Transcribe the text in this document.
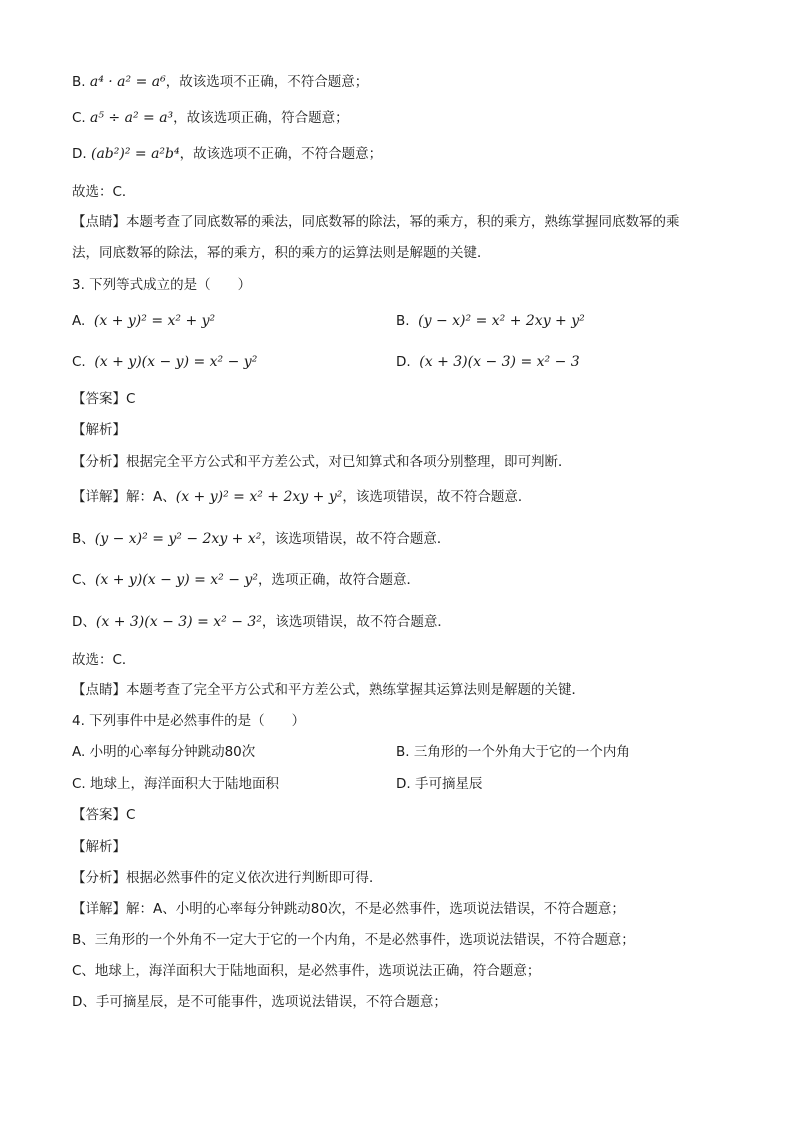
B. a⁴ · a² = a⁶，故该选项不正确，不符合题意；
C. a⁵ ÷ a² = a³，故该选项正确，符合题意；
D. (ab²)² = a²b⁴，故该选项不正确，不符合题意；
故选：C．
【点睛】本题考查了同底数幂的乘法，同底数幂的除法，幂的乘方，积的乘方，熟练掌握同底数幂的乘
法，同底数幂的除法，幂的乘方，积的乘方的运算法则是解题的关键．
3. 下列等式成立的是（　　）
A. (x + y)² = x² + y²	B. (y − x)² = x² + 2xy + y²
C. (x + y)(x − y) = x² − y²	D. (x + 3)(x − 3) = x² − 3
【答案】C
【解析】
【分析】根据完全平方公式和平方差公式，对已知算式和各项分别整理，即可判断．
【详解】解：A、(x + y)² = x² + 2xy + y²，该选项错误，故不符合题意．
B、(y − x)² = y² − 2xy + x²，该选项错误，故不符合题意．
C、(x + y)(x − y) = x² − y²，选项正确，故符合题意．
D、(x + 3)(x − 3) = x² − 3²，该选项错误，故不符合题意．
故选：C．
【点睛】本题考查了完全平方公式和平方差公式，熟练掌握其运算法则是解题的关键．
4. 下列事件中是必然事件的是（　　）
A. 小明的心率每分钟跳动80次	B. 三角形的一个外角大于它的一个内角
C. 地球上，海洋面积大于陆地面积	D. 手可摘星辰
【答案】C
【解析】
【分析】根据必然事件的定义依次进行判断即可得．
【详解】解：A、小明的心率每分钟跳动80次，不是必然事件，选项说法错误，不符合题意；
B、三角形的一个外角不一定大于它的一个内角，不是必然事件，选项说法错误，不符合题意；
C、地球上，海洋面积大于陆地面积，是必然事件，选项说法正确，符合题意；
D、手可摘星辰，是不可能事件，选项说法错误，不符合题意；
